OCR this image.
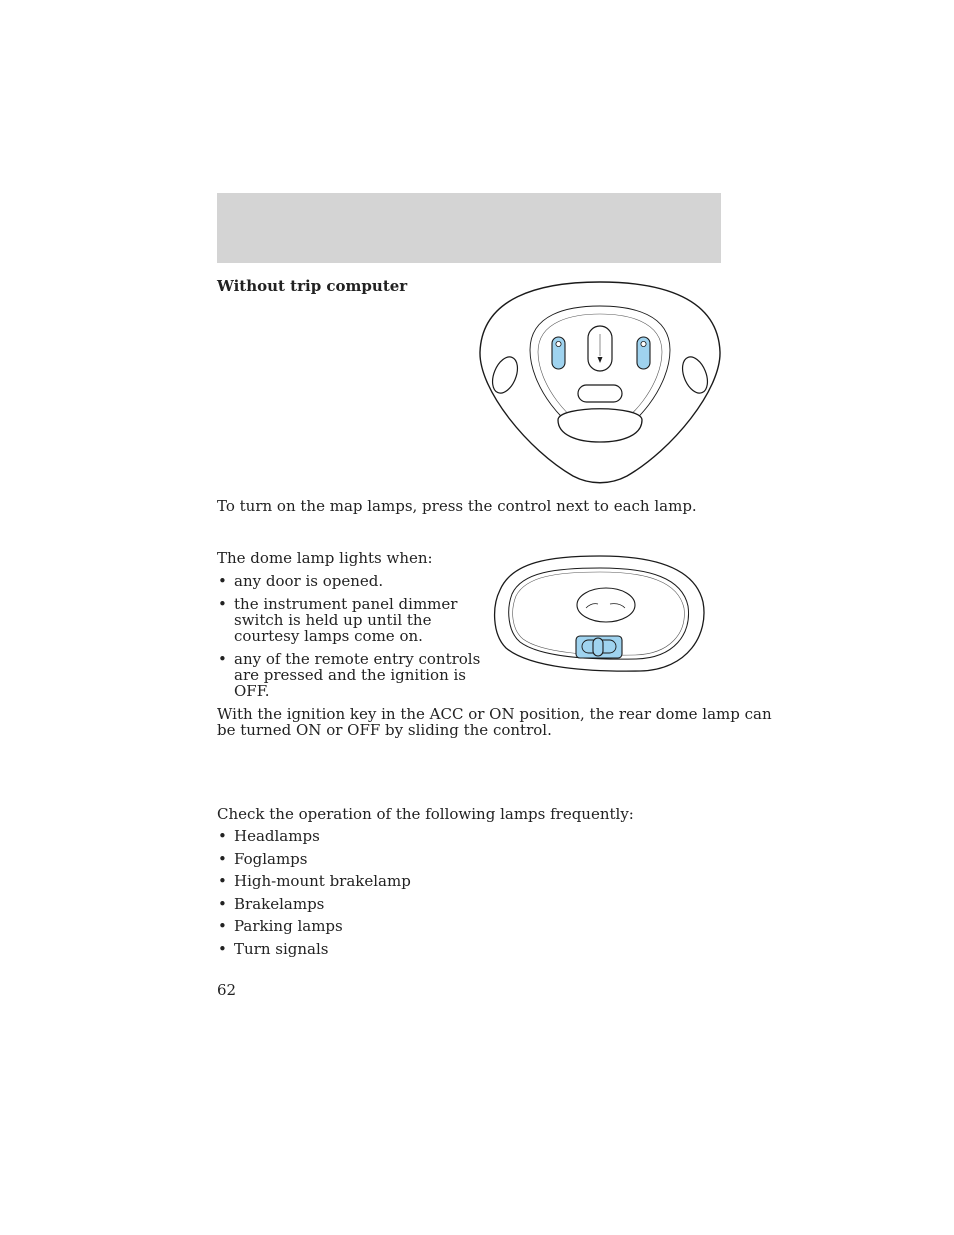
Without trip computer
To turn on the map lamps, press the control next to each lamp.
The dome lamp lights when:
• any door is opened.
• the instrument panel dimmer
switch is held up until the
courtesy lamps come on.
• any of the remote entry controls
are pressed and the ignition is
OFF.
With the ignition key in the ACC or ON position, the rear dome lamp can
be turned ON or OFF by sliding the control.
Check the operation of the following lamps frequently:
• Headlamps
• Foglamps
• High-mount brakelamp
• Brakelamps
• Parking lamps
• Turn signals
62
